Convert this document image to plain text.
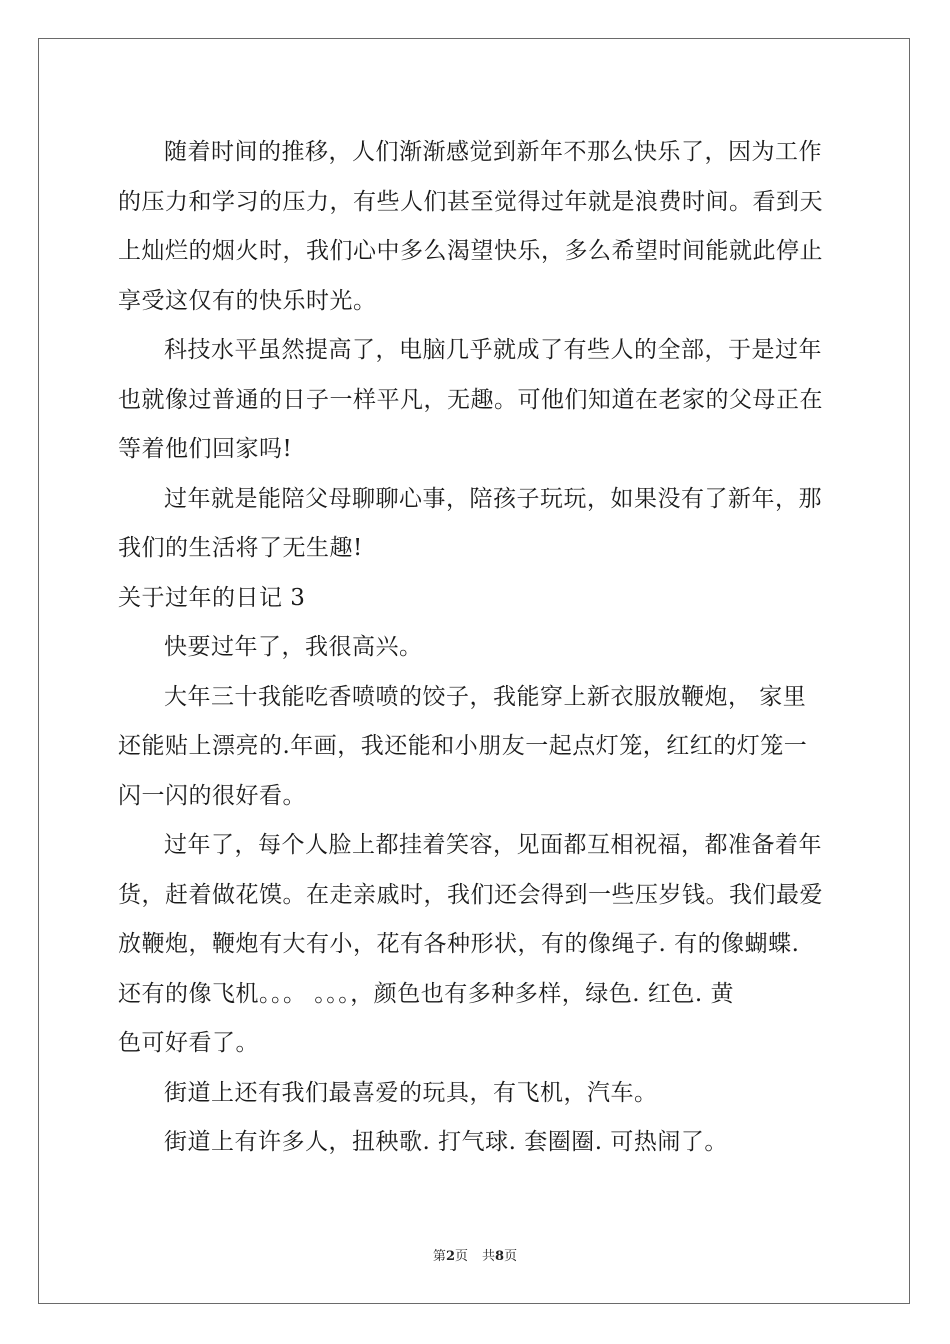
随着时间的推移，人们渐渐感觉到新年不那么快乐了，因为工作
的压力和学习的压力，有些人们甚至觉得过年就是浪费时间。看到天
上灿烂的烟火时，我们心中多么渴望快乐，多么希望时间能就此停止
享受这仅有的快乐时光。
科技水平虽然提高了，电脑几乎就成了有些人的全部，于是过年
也就像过普通的日子一样平凡，无趣。可他们知道在老家的父母正在
等着他们回家吗!
过年就是能陪父母聊聊心事，陪孩子玩玩，如果没有了新年，那
我们的生活将了无生趣!
关于过年的日记 3
快要过年了，我很高兴。
大年三十我能吃香喷喷的饺子，我能穿上新衣服放鞭炮， 家里
还能贴上漂亮的.年画，我还能和小朋友一起点灯笼，红红的灯笼一
闪一闪的很好看。
过年了，每个人脸上都挂着笑容，见面都互相祝福，都准备着年
货，赶着做花馍。在走亲戚时，我们还会得到一些压岁钱。我们最爱
放鞭炮，鞭炮有大有小，花有各种形状，有的像绳子. 有的像蝴蝶.
还有的像飞机。。。 。。。，颜色也有多种多样，绿色. 红色. 黄
色可好看了。
街道上还有我们最喜爱的玩具，有飞机，汽车。
街道上有许多人，扭秧歌. 打气球. 套圈圈. 可热闹了。
第2页 共8页
